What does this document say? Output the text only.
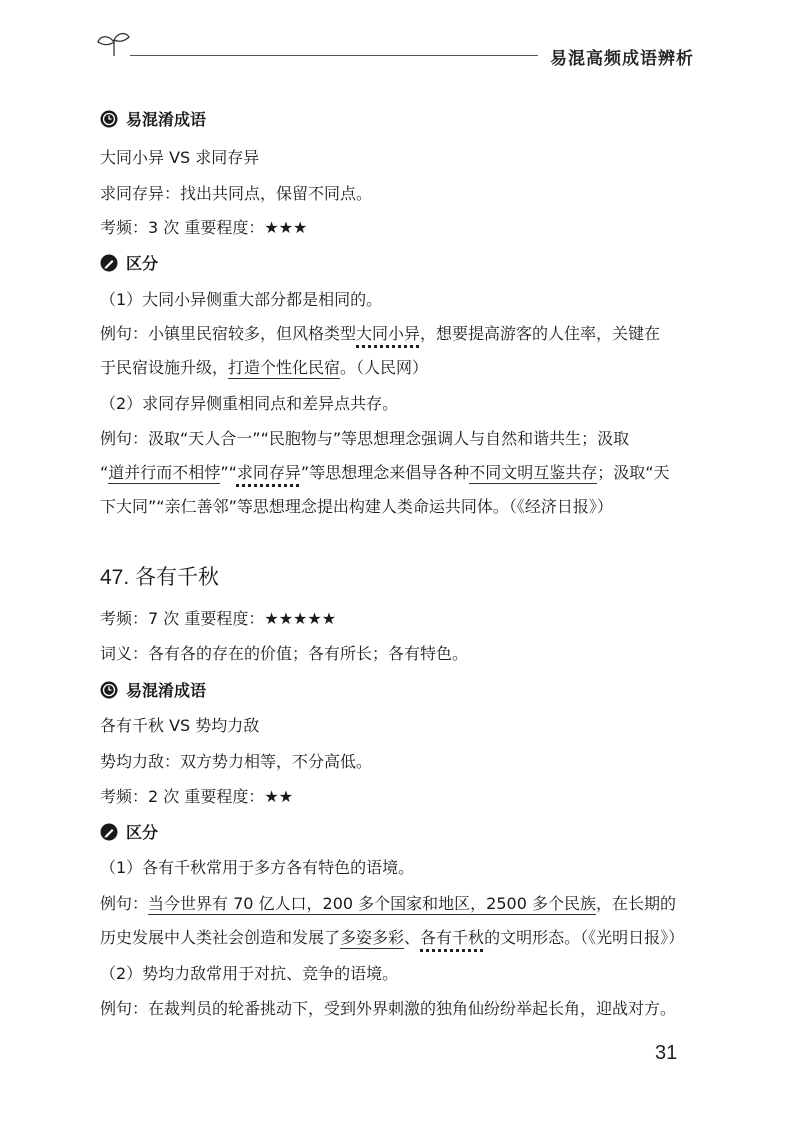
易混高频成语辨析
易混淆成语
大同小异 VS 求同存异
求同存异：找出共同点，保留不同点。
考频：3 次 重要程度：★★★
区分
（1）大同小异侧重大部分都是相同的。
例句：小镇里民宿较多，但风格类型大同小异，想要提高游客的人住率，关键在
于民宿设施升级，打造个性化民宿。（人民网）
（2）求同存异侧重相同点和差异点共存。
例句：汲取“天人合一”“民胞物与”等思想理念强调人与自然和谐共生；汲取
“道并行而不相悖”“求同存异”等思想理念来倡导各种不同文明互鉴共存；汲取“天
下大同”“亲仁善邻”等思想理念提出构建人类命运共同体。（《经济日报》）
47. 各有千秋
考频：7 次 重要程度：★★★★★
词义：各有各的存在的价值；各有所长；各有特色。
易混淆成语
各有千秋 VS 势均力敌
势均力敌：双方势力相等，不分高低。
考频：2 次 重要程度：★★
区分
（1）各有千秋常用于多方各有特色的语境。
例句：当今世界有 70 亿人口，200 多个国家和地区，2500 多个民族，在长期的
历史发展中人类社会创造和发展了多姿多彩、各有千秋的文明形态。（《光明日报》）
（2）势均力敌常用于对抗、竞争的语境。
例句：在裁判员的轮番挑动下，受到外界刺激的独角仙纷纷举起长角，迎战对方。
31
